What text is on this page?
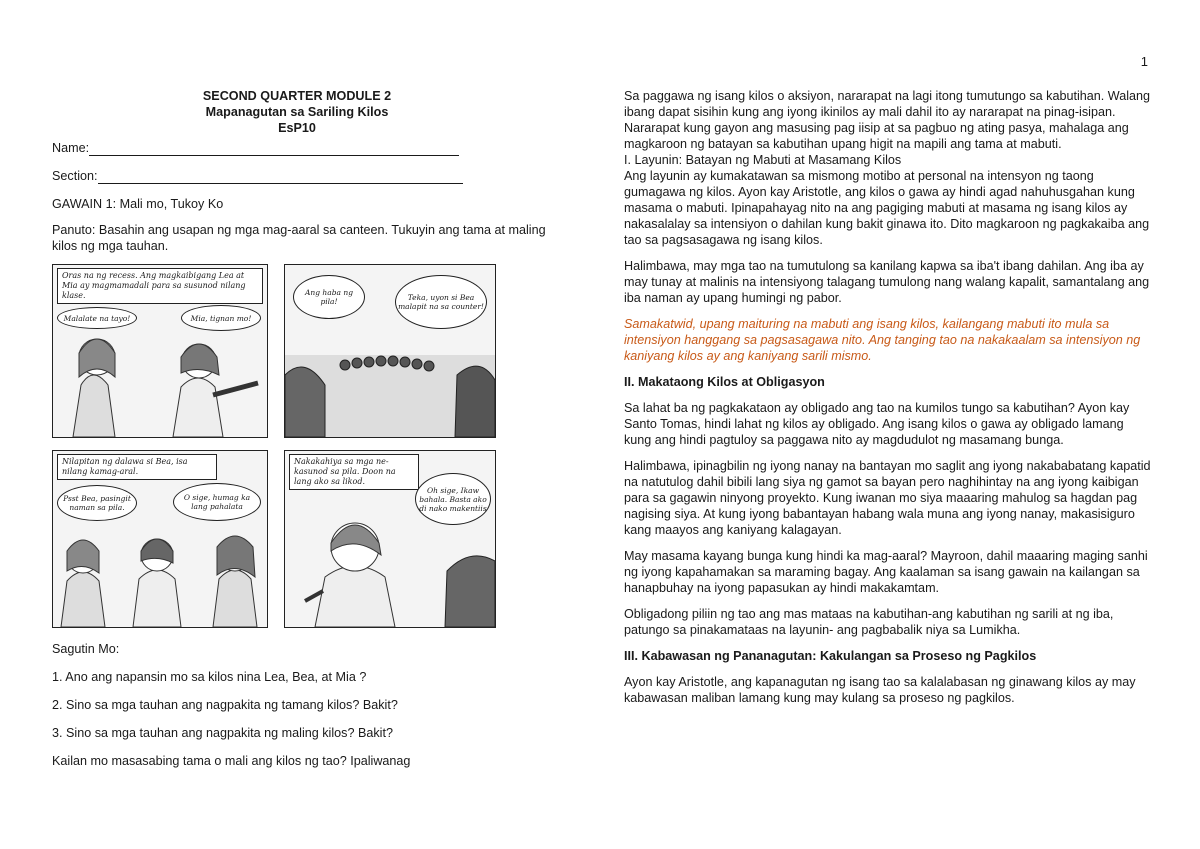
1
SECOND QUARTER MODULE 2
Mapanagutan sa Sariling Kilos
EsP10
Name:
Section:

GAWAIN 1: Mali mo, Tukoy Ko

Panuto: Basahin ang usapan ng mga mag-aaral sa canteen. Tukuyin ang tama at maling kilos ng mga tauhan.

Oras na ng recess. Ang magkaibigang Lea at Mia ay magmamadali para sa susunod nilang klase.
Malalate na tayo!	Mia, tignan mo!
Ang haba ng pila!	Teka, uyon si Bea malapit na sa counter!
Nilapitan ng dalawa si Bea, isa nilang kamag-aral.
Psst Bea, pasingit naman sa pila.
O sige, humag ka lang pahalata
Nakakahiya sa mga ne-kasunod sa pila. Doon na lang ako sa likod.
Oh sige, Ikaw bahala. Basta ako di nako makentiis

Sagutin Mo:

1. Ano ang napansin mo sa kilos nina Lea, Bea, at Mia ?
2. Sino sa mga tauhan ang nagpakita ng tamang kilos? Bakit?
3. Sino sa mga tauhan ang nagpakita ng maling kilos? Bakit?
Kailan mo masasabing tama o mali ang kilos ng tao? Ipaliwanag

Sa paggawa ng isang kilos o aksiyon, nararapat na lagi itong tumutungo sa kabutihan. Walang ibang dapat sisihin kung ang iyong ikinilos ay mali dahil ito ay nararapat na pinag-isipan. Nararapat kung gayon ang masusing pag iisip at sa pagbuo ng ating pasya, mahalaga ang magkaroon ng batayan sa kabutihan upang higit na mapili ang tama at mabuti.

I. Layunin: Batayan ng Mabuti at Masamang Kilos

Ang layunin ay kumakatawan sa mismong motibo at personal na intensyon ng taong gumagawa ng kilos. Ayon kay Aristotle, ang kilos o gawa ay hindi agad nahuhusgahan kung masama o mabuti. Ipinapahayag nito na ang pagiging mabuti at masama ng isang kilos ay nakasalalay sa intensiyon o dahilan kung bakit ginawa ito. Dito magkaroon ng pagkakaiba ang tao sa pagsasagawa ng isang kilos.

Halimbawa, may mga tao na tumutulong sa kanilang kapwa sa iba't ibang dahilan. Ang iba ay may tunay at malinis na intensiyong talagang tumulong nang walang kapalit, samantalang ang iba naman ay upang humingi ng pabor.

Samakatwid, upang maituring na mabuti ang isang kilos, kailangang mabuti ito mula sa intensiyon hanggang sa pagsasagawa nito. Ang tanging tao na nakakaalam sa intensiyon ng kaniyang kilos ay ang kaniyang sarili mismo.

II. Makataong Kilos at Obligasyon

Sa lahat ba ng pagkakataon ay obligado ang tao na kumilos tungo sa kabutihan? Ayon kay Santo Tomas, hindi lahat ng kilos ay obligado. Ang isang kilos o gawa ay obligado lamang kung ang hindi pagtuloy sa paggawa nito ay magdudulot ng masamang bunga.

Halimbawa, ipinagbilin ng iyong nanay na bantayan mo saglit ang iyong nakababatang kapatid na natutulog dahil bibili lang siya ng gamot sa bayan pero naghihintay na ang iyong kaibigan para sa gagawin ninyong proyekto. Kung iwanan mo siya maaaring mahulog sa hagdan pag nagising siya. At kung iyong babantayan habang wala muna ang iyong nanay, makasisiguro kang maayos ang kaniyang kalagayan.

May masama kayang bunga kung hindi ka mag-aaral? Mayroon, dahil maaaring maging sanhi ng iyong kapahamakan sa maraming bagay. Ang kaalaman sa isang gawain na kailangan sa hanapbuhay na iyong papasukan ay hindi makakamtam.

Obligadong piliin ng tao ang mas mataas na kabutihan-ang kabutihan ng sarili at ng iba, patungo sa pinakamataas na layunin- ang pagbabalik niya sa Lumikha.

III. Kabawasan ng Pananagutan: Kakulangan sa Proseso ng Pagkilos

Ayon kay Aristotle, ang kapanagutan ng isang tao sa kalalabasan ng ginawang kilos ay may kabawasan maliban lamang kung may kulang sa proseso ng pagkilos.
